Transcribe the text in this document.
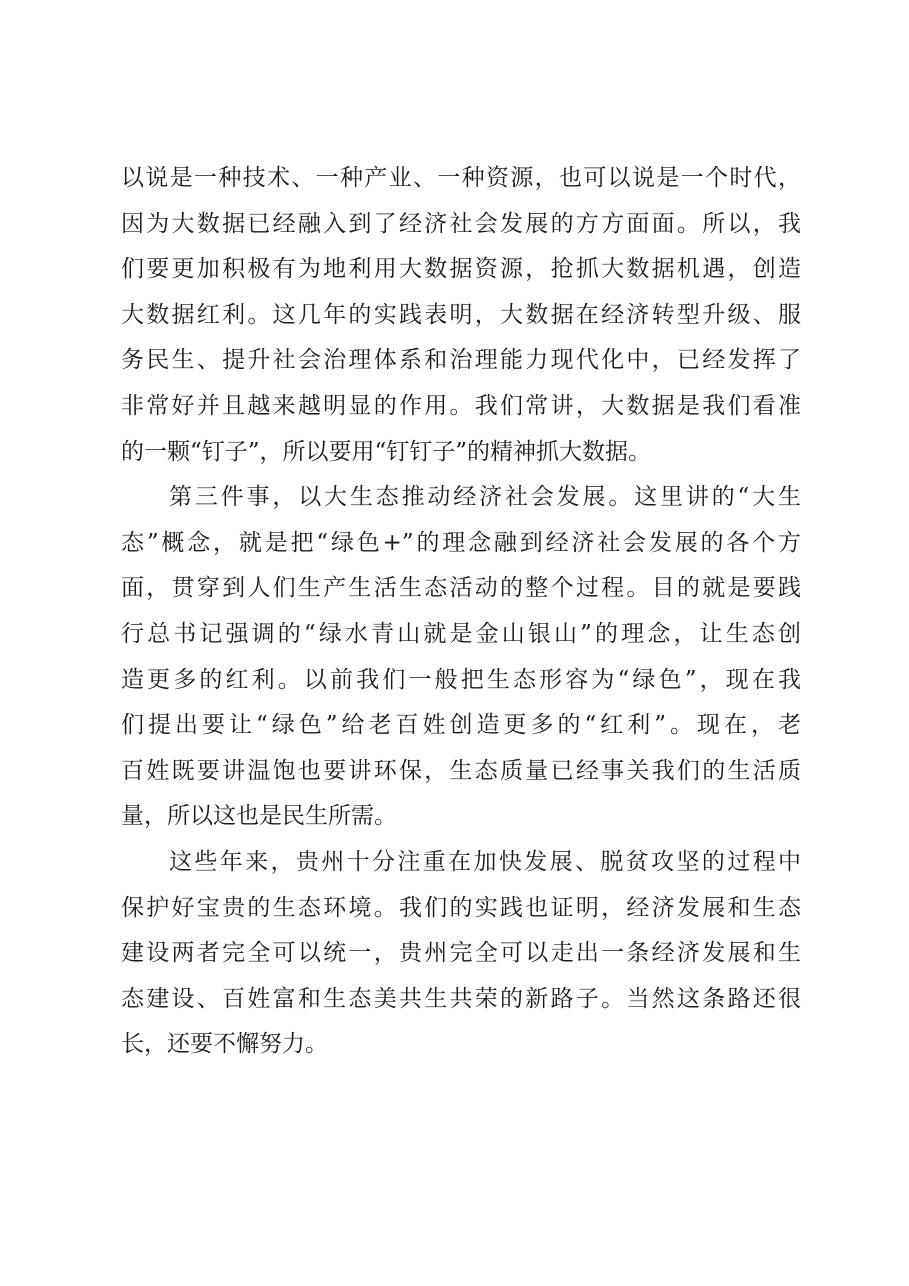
以说是一种技术、一种产业、一种资源，也可以说是一个时代，
因为大数据已经融入到了经济社会发展的方方面面。所以，我
们要更加积极有为地利用大数据资源，抢抓大数据机遇，创造
大数据红利。这几年的实践表明，大数据在经济转型升级、服
务民生、提升社会治理体系和治理能力现代化中，已经发挥了
非常好并且越来越明显的作用。我们常讲，大数据是我们看准
的一颗“钉子”，所以要用“钉钉子”的精神抓大数据。
第三件事，以大生态推动经济社会发展。这里讲的“大生
态”概念，就是把“绿色+”的理念融到经济社会发展的各个方
面，贯穿到人们生产生活生态活动的整个过程。目的就是要践
行总书记强调的“绿水青山就是金山银山”的理念，让生态创
造更多的红利。以前我们一般把生态形容为“绿色”，现在我
们提出要让“绿色”给老百姓创造更多的“红利”。现在，老
百姓既要讲温饱也要讲环保，生态质量已经事关我们的生活质
量，所以这也是民生所需。
这些年来，贵州十分注重在加快发展、脱贫攻坚的过程中
保护好宝贵的生态环境。我们的实践也证明，经济发展和生态
建设两者完全可以统一，贵州完全可以走出一条经济发展和生
态建设、百姓富和生态美共生共荣的新路子。当然这条路还很
长，还要不懈努力。
